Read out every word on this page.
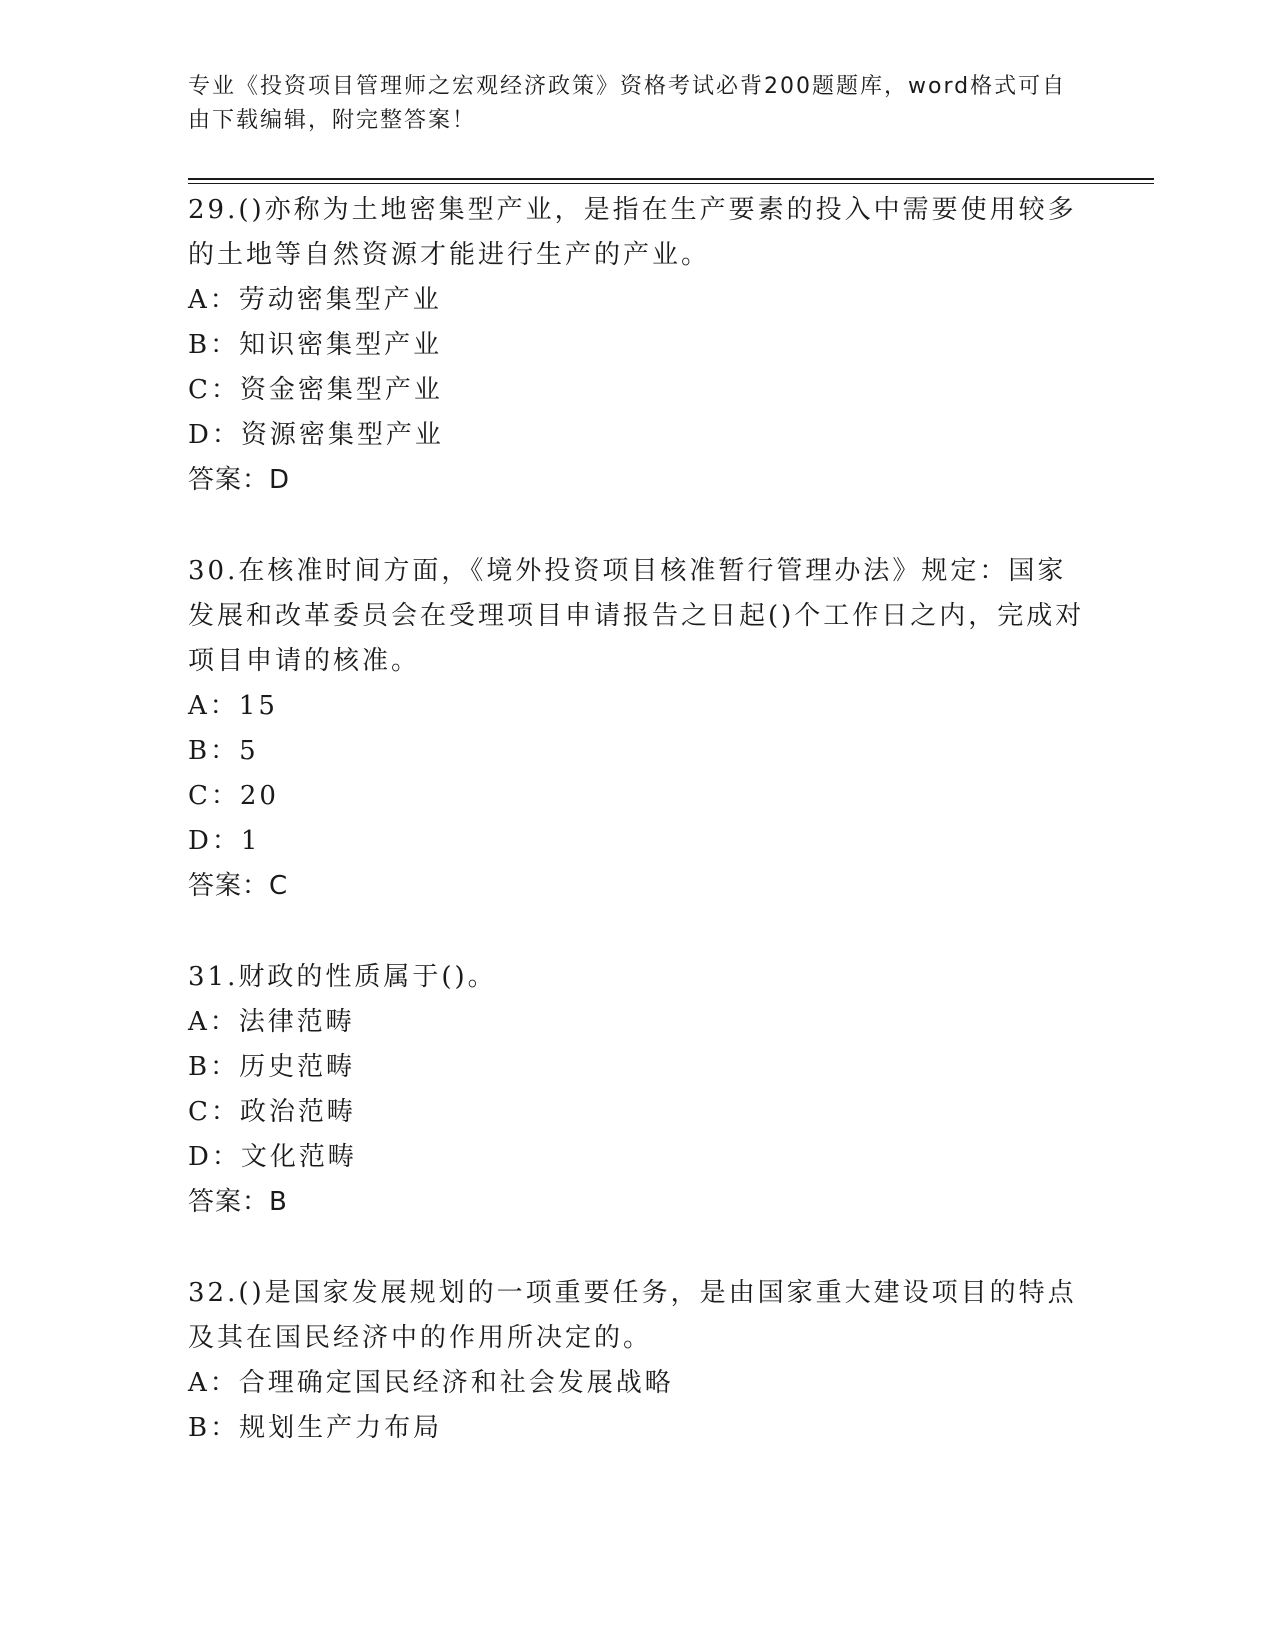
专业《投资项目管理师之宏观经济政策》资格考试必背200题题库，word格式可自由下载编辑，附完整答案！
29.()亦称为土地密集型产业，是指在生产要素的投入中需要使用较多的土地等自然资源才能进行生产的产业。
A：劳动密集型产业
B：知识密集型产业
C：资金密集型产业
D：资源密集型产业
答案：D
30.在核准时间方面，《境外投资项目核准暂行管理办法》规定：国家发展和改革委员会在受理项目申请报告之日起()个工作日之内，完成对项目申请的核准。
A：15
B：5
C：20
D：1
答案：C
31.财政的性质属于()。
A：法律范畴
B：历史范畴
C：政治范畴
D：文化范畴
答案：B
32.()是国家发展规划的一项重要任务，是由国家重大建设项目的特点及其在国民经济中的作用所决定的。
A：合理确定国民经济和社会发展战略
B：规划生产力布局
